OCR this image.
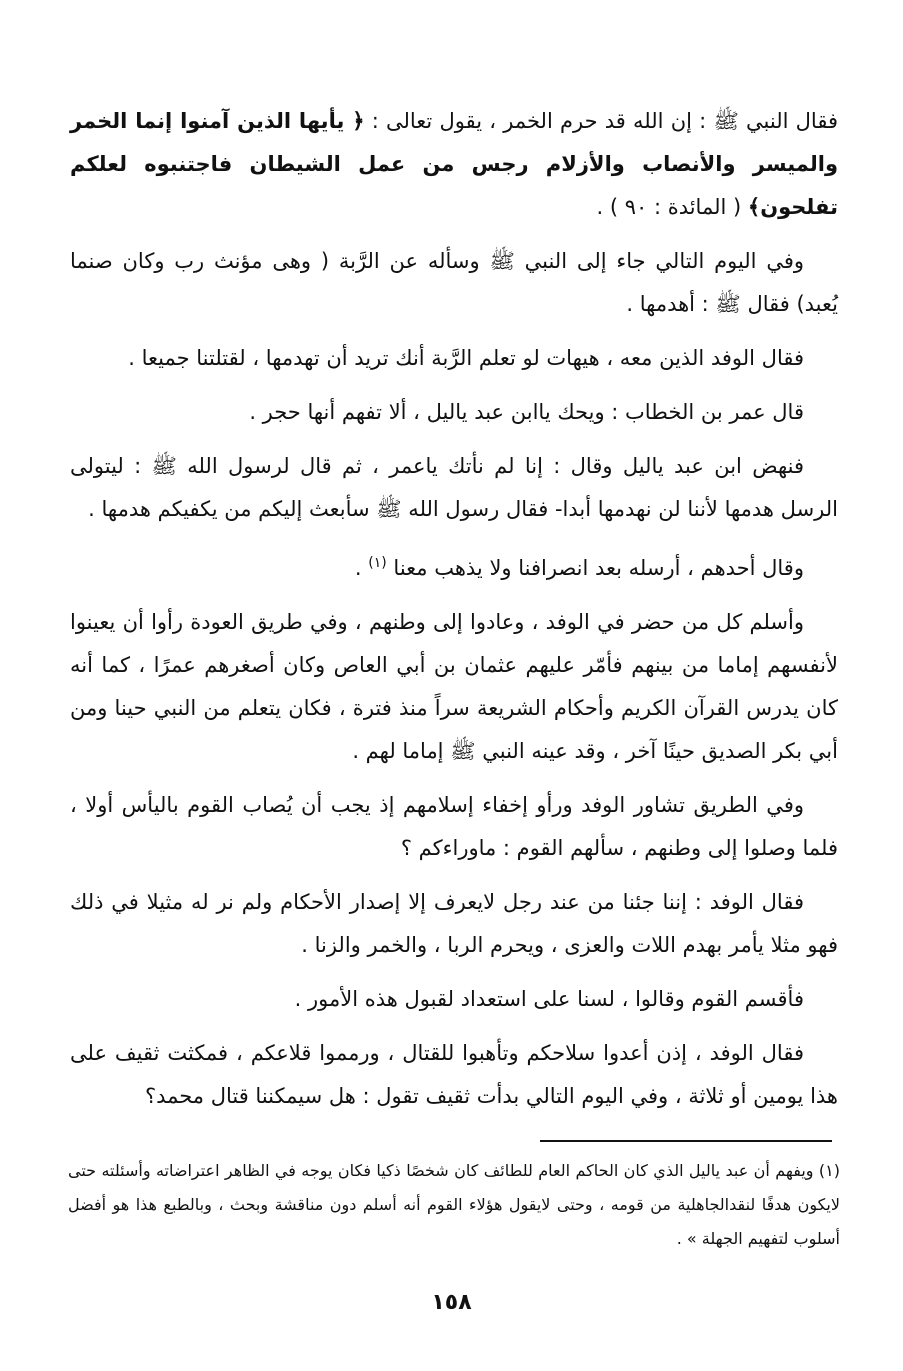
فقال النبي ﷺ : إن الله قد حرم الخمر ، يقول تعالى : ﴿ يأيها الذين آمنوا إنما الخمر والميسر والأنصاب والأزلام رجس من عمل الشيطان فاجتنبوه لعلكم تفلحون﴾ ( المائدة : ٩٠ ) .

وفي اليوم التالي جاء إلى النبي ﷺ وسأله عن الرَّبة ( وهى مؤنث رب وكان صنما يُعبد) فقال ﷺ : أهدمها .

فقال الوفد الذين معه ، هيهات لو تعلم الرَّبة أنك تريد أن تهدمها ، لقتلتنا جميعا .

قال عمر بن الخطاب : ويحك ياابن عبد ياليل ، ألا تفهم أنها حجر .

فنهض ابن عبد ياليل وقال : إنا لم نأتك ياعمر ، ثم قال لرسول الله ﷺ : ليتولى الرسل هدمها لأننا لن نهدمها أبدا- فقال رسول الله ﷺ سأبعث إليكم من يكفيكم هدمها .

وقال أحدهم ، أرسله بعد انصرافنا ولا يذهب معنا $^{(١)}$ .

وأسلم كل من حضر في الوفد ، وعادوا إلى وطنهم ، وفي طريق العودة رأوا أن يعينوا لأنفسهم إماما من بينهم فأمّر عليهم عثمان بن أبي العاص وكان أصغرهم عمرًا ، كما أنه كان يدرس القرآن الكريم وأحكام الشريعة سراً منذ فترة ، فكان يتعلم من النبي حينا ومن أبي بكر الصديق حينًا آخر ، وقد عينه النبي ﷺ إماما لهم .

وفي الطريق تشاور الوفد ورأو إخفاء إسلامهم إذ يجب أن يُصاب القوم باليأس أولا ، فلما وصلوا إلى وطنهم ، سألهم القوم : ماوراءكم ؟

فقال الوفد : إننا جئنا من عند رجل لايعرف إلا إصدار الأحكام ولم نر له مثيلا في ذلك فهو مثلا يأمر بهدم اللات والعزى ، ويحرم الربا ، والخمر والزنا .

فأقسم القوم وقالوا ، لسنا على استعداد لقبول هذه الأمور .

فقال الوفد ، إذن أعدوا سلاحكم وتأهبوا للقتال ، ورمموا قلاعكم ، فمكثت ثقيف على هذا يومين أو ثلاثة ، وفي اليوم التالي بدأت ثقيف تقول : هل سيمكننا قتال محمد؟

(١) ويفهم أن عبد ياليل الذي كان الحاكم العام للطائف كان شخصًا ذكيا فكان يوجه في الظاهر اعتراضاته وأسئلته حتى لايكون هدفًا لنقدالجاهلية من قومه ، وحتى لايقول هؤلاء القوم أنه أسلم دون مناقشة وبحث ، وبالطبع هذا هو أفضل أسلوب لتفهيم الجهلة » .

١٥٨
